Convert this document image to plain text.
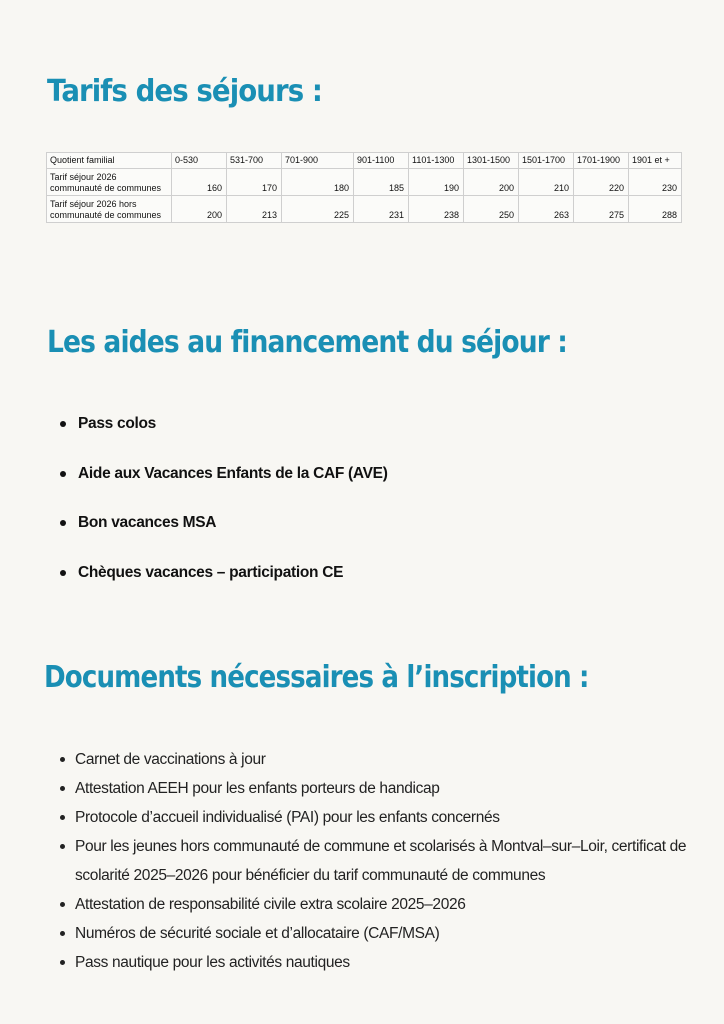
Tarifs des séjours :
Quotient familial	0-530	531-700	701-900	901-1100	1101-1300	1301-1500	1501-1700	1701-1900	1901 et +
Tarif séjour 2026
communauté de communes	160	170	180	185	190	200	210	220	230
Tarif séjour 2026 hors
communauté de communes	200	213	225	231	238	250	263	275	288
Les aides au financement du séjour :
Pass colos
Aide aux Vacances Enfants de la CAF (AVE)
Bon vacances MSA
Chèques vacances – participation CE
Documents nécessaires à l’inscription :
Carnet de vaccinations à jour
Attestation AEEH pour les enfants porteurs de handicap
Protocole d’accueil individualisé (PAI) pour les enfants concernés
Pour les jeunes hors communauté de commune et scolarisés à Montval–sur–Loir, certificat de scolarité 2025–2026 pour bénéficier du tarif communauté de communes
Attestation de responsabilité civile extra scolaire 2025–2026
Numéros de sécurité sociale et d’allocataire (CAF/MSA)
Pass nautique pour les activités nautiques
